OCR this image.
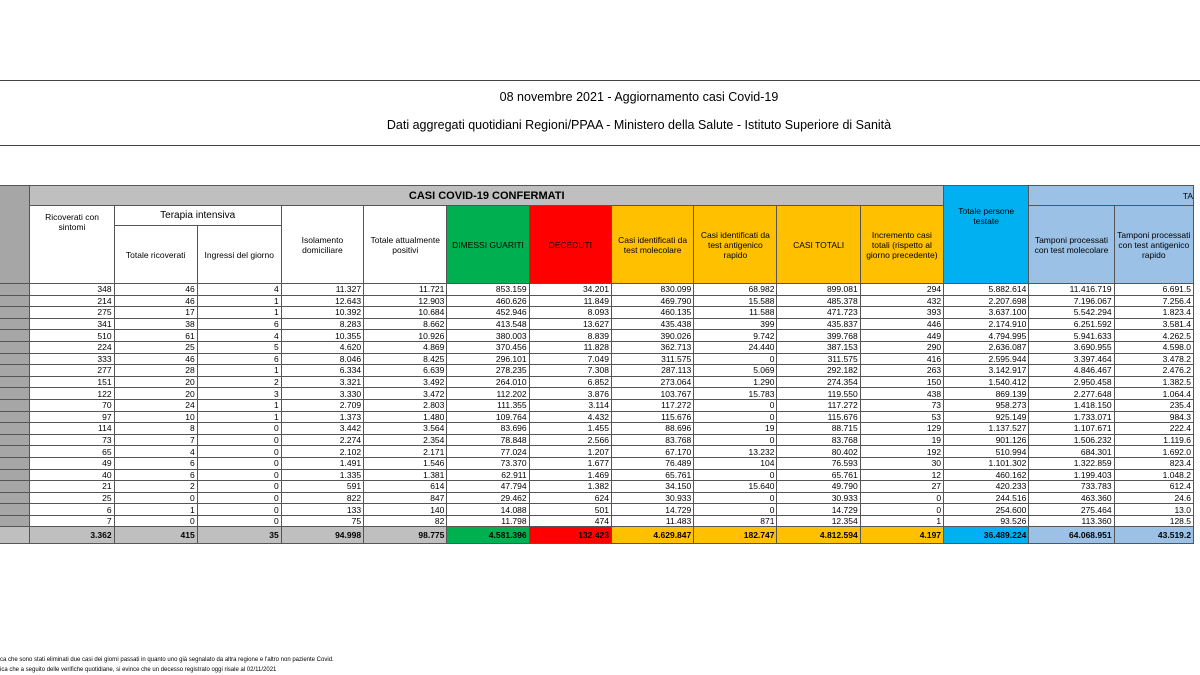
08 novembre 2021 - Aggiornamento casi Covid-19
Dati aggregati quotidiani Regioni/PPAA - Ministero della Salute - Istituto Superiore di Sanità
	CASI COVID-19 CONFERMATI											Totale persone testate	TA	
	Ricoverati con sintomi	Terapia intensiva		Isolamento domiciliare	Totale attualmente positivi	DIMESSI GUARITI	DECEDUTI	Casi identificati da test molecolare	Casi identificati da test antigenico rapido	CASI TOTALI	Incremento casi totali (rispetto al giorno precedente)		Tamponi processati con test molecolare	Tamponi processati con test antigenico rapido
		Totale ricoverati	Ingressi del giorno											
	348	46	4	11.327	11.721	853.159	34.201	830.099	68.982	899.081	294	5.882.614	11.416.719	6.691.5
	214	46	1	12.643	12.903	460.626	11.849	469.790	15.588	485.378	432	2.207.698	7.196.067	7.256.4
	275	17	1	10.392	10.684	452.946	8.093	460.135	11.588	471.723	393	3.637.100	5.542.294	1.823.4
	341	38	6	8.283	8.662	413.548	13.627	435.438	399	435.837	446	2.174.910	6.251.592	3.581.4
	510	61	4	10.355	10.926	380.003	8.839	390.026	9.742	399.768	449	4.794.995	5.941.633	4.262.5
	224	25	5	4.620	4.869	370.456	11.828	362.713	24.440	387.153	290	2.636.087	3.690.955	4.598.0
	333	46	6	8.046	8.425	296.101	7.049	311.575	0	311.575	416	2.595.944	3.397.464	3.478.2
	277	28	1	6.334	6.639	278.235	7.308	287.113	5.069	292.182	263	3.142.917	4.846.467	2.476.2
	151	20	2	3.321	3.492	264.010	6.852	273.064	1.290	274.354	150	1.540.412	2.950.458	1.382.5
	122	20	3	3.330	3.472	112.202	3.876	103.767	15.783	119.550	438	869.139	2.277.648	1.064.4
	70	24	1	2.709	2.803	111.355	3.114	117.272	0	117.272	73	958.273	1.418.150	235.4
	97	10	1	1.373	1.480	109.764	4.432	115.676	0	115.676	53	925.149	1.733.071	984.3
	114	8	0	3.442	3.564	83.696	1.455	88.696	19	88.715	129	1.137.527	1.107.671	222.4
	73	7	0	2.274	2.354	78.848	2.566	83.768	0	83.768	19	901.126	1.506.232	1.119.6
	65	4	0	2.102	2.171	77.024	1.207	67.170	13.232	80.402	192	510.994	684.301	1.692.0
	49	6	0	1.491	1.546	73.370	1.677	76.489	104	76.593	30	1.101.302	1.322.859	823.4
	40	6	0	1.335	1.381	62.911	1.469	65.761	0	65.761	12	460.162	1.199.403	1.048.2
	21	2	0	591	614	47.794	1.382	34.150	15.640	49.790	27	420.233	733.783	612.4
	25	0	0	822	847	29.462	624	30.933	0	30.933	0	244.516	463.360	24.6
	6	1	0	133	140	14.088	501	14.729	0	14.729	0	254.600	275.464	13.0
	7	0	0	75	82	11.798	474	11.483	871	12.354	1	93.526	113.360	128.5
	3.362	415	35	94.998	98.775	4.581.396	132.423	4.629.847	182.747	4.812.594	4.197	36.489.224	64.068.951	43.519.2
ca che sono stati eliminati due casi dei giorni passati in quanto uno già segnalato da altra regione e l'altro non paziente Covid.
ica che a seguito delle verifiche quotidiane, si evince che un decesso registrato oggi risale al 02/11/2021
